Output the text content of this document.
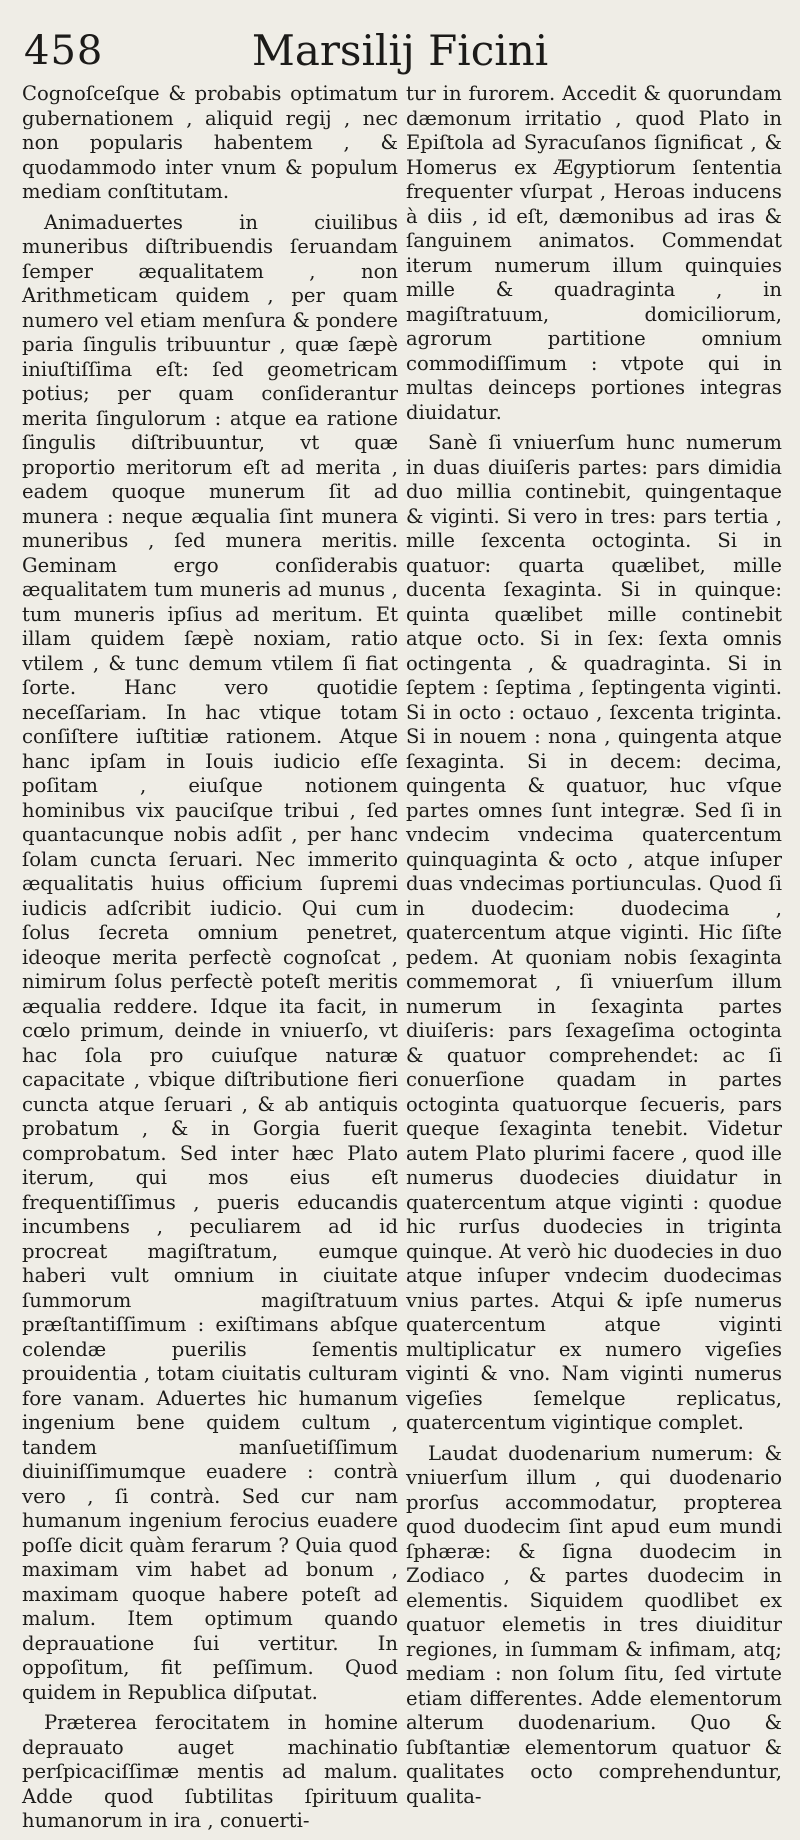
458	Marsilij Ficini

Cognoſceſque & probabis optimatum gubernationem , aliquid regij , nec non popularis habentem , & quodammodo inter vnum & populum mediam conſtitutam.

Animaduertes in ciuilibus muneribus diſtribuendis ſeruandam ſemper æqualitatem , non Arithmeticam quidem , per quam numero vel etiam menſura & pondere paria ſingulis tribuuntur , quæ ſæpè iniuſtiſſima eſt: ſed geometricam potius; per quam conſiderantur merita ſingulorum : atque ea ratione ſingulis diſtribuuntur, vt quæ proportio meritorum eſt ad merita , eadem quoque munerum ſit ad munera : neque æqualia ſint munera muneribus , ſed munera meritis. Geminam ergo conſiderabis æqualitatem tum muneris ad munus , tum muneris ipſius ad meritum. Et illam quidem ſæpè noxiam, ratio vtilem , & tunc demum vtilem ſi fiat ſorte. Hanc vero quotidie neceſſariam. In hac vtique totam conſiſtere iuſtitiæ rationem. Atque hanc ipſam in Iouis iudicio eſſe poſitam , eiuſque notionem hominibus vix pauciſque tribui , ſed quantacunque nobis adſit , per hanc ſolam cuncta ſeruari. Nec immerito æqualitatis huius officium ſupremi iudicis adſcribit iudicio. Qui cum ſolus ſecreta omnium penetret, ideoque merita perfectè cognoſcat , nimirum ſolus perfectè poteſt meritis æqualia reddere. Idque ita facit, in cœlo primum, deinde in vniuerſo, vt hac ſola pro cuiuſque naturæ capacitate , vbique diſtributione fieri cuncta atque ſeruari , & ab antiquis probatum , & in Gorgia fuerit comprobatum. Sed inter hæc Plato iterum, qui mos eius eſt frequentiſſimus , pueris educandis incumbens , peculiarem ad id procreat magiſtratum, eumque haberi vult omnium in ciuitate ſummorum magiſtratuum præſtantiſſimum : exiſtimans abſque colendæ puerilis ſementis prouidentia , totam ciuitatis culturam fore vanam. Aduertes hic humanum ingenium bene quidem cultum , tandem manſuetiſſimum diuiniſſimumque euadere : contrà vero , ſi contrà. Sed cur nam humanum ingenium ferocius euadere poſſe dicit quàm ferarum ? Quia quod maximam vim habet ad bonum , maximam quoque habere poteſt ad malum. Item optimum quando deprauatione ſui vertitur. In oppoſitum, fit peſſimum. Quod quidem in Republica diſputat.

Præterea ferocitatem in homine deprauato auget machinatio perſpicaciſſimæ mentis ad malum. Adde quod ſubtilitas ſpirituum humanorum in ira , conuerti-

tur in furorem. Accedit & quorundam dæmonum irritatio , quod Plato in Epiſtola ad Syracuſanos ſignificat , & Homerus ex Ægyptiorum ſententia frequenter vſurpat , Heroas inducens à diis , id eſt, dæmonibus ad iras & ſanguinem animatos. Commendat iterum numerum illum quinquies mille & quadraginta , in magiſtratuum, domiciliorum, agrorum partitione omnium commodiſſimum : vtpote qui in multas deinceps portiones integras diuidatur.

Sanè ſi vniuerſum hunc numerum in duas diuiſeris partes: pars dimidia duo millia continebit, quingentaque & viginti. Si vero in tres: pars tertia , mille ſexcenta octoginta. Si in quatuor: quarta quælibet, mille ducenta ſexaginta. Si in quinque: quinta quælibet mille continebit atque octo. Si in ſex: ſexta omnis octingenta , & quadraginta. Si in ſeptem : ſeptima , ſeptingenta viginti. Si in octo : octauo , ſexcenta triginta. Si in nouem : nona , quingenta atque ſexaginta. Si in decem: decima, quingenta & quatuor, huc vſque partes omnes ſunt integræ. Sed ſi in vndecim vndecima quatercentum quinquaginta & octo , atque inſuper duas vndecimas portiunculas. Quod ſi in duodecim: duodecima , quatercentum atque viginti. Hic ſiſte pedem. At quoniam nobis ſexaginta commemorat , ſi vniuerſum illum numerum in ſexaginta partes diuiſeris: pars ſexageſima octoginta & quatuor comprehendet: ac ſi conuerſione quadam in partes octoginta quatuorque ſecueris, pars queque ſexaginta tenebit. Videtur autem Plato plurimi facere , quod ille numerus duodecies diuidatur in quatercentum atque viginti : quodue hic rurſus duodecies in triginta quinque. At verò hic duodecies in duo atque inſuper vndecim duodecimas vnius partes. Atqui & ipſe numerus quatercentum atque viginti multiplicatur ex numero vigeſies viginti & vno. Nam viginti numerus vigeſies ſemelque replicatus, quatercentum vigintique complet.

Laudat duodenarium numerum: & vniuerſum illum , qui duodenario prorſus accommodatur, propterea quod duodecim ſint apud eum mundi ſphæræ: & ſigna duodecim in Zodiaco , & partes duodecim in elementis. Siquidem quodlibet ex quatuor elemetis in tres diuiditur regiones, in ſummam & infimam, atq; mediam : non ſolum ſitu, ſed virtute etiam differentes. Adde elementorum alterum duodenarium. Quo & ſubſtantiæ elementorum quatuor & qualitates octo comprehenduntur, qualita-
